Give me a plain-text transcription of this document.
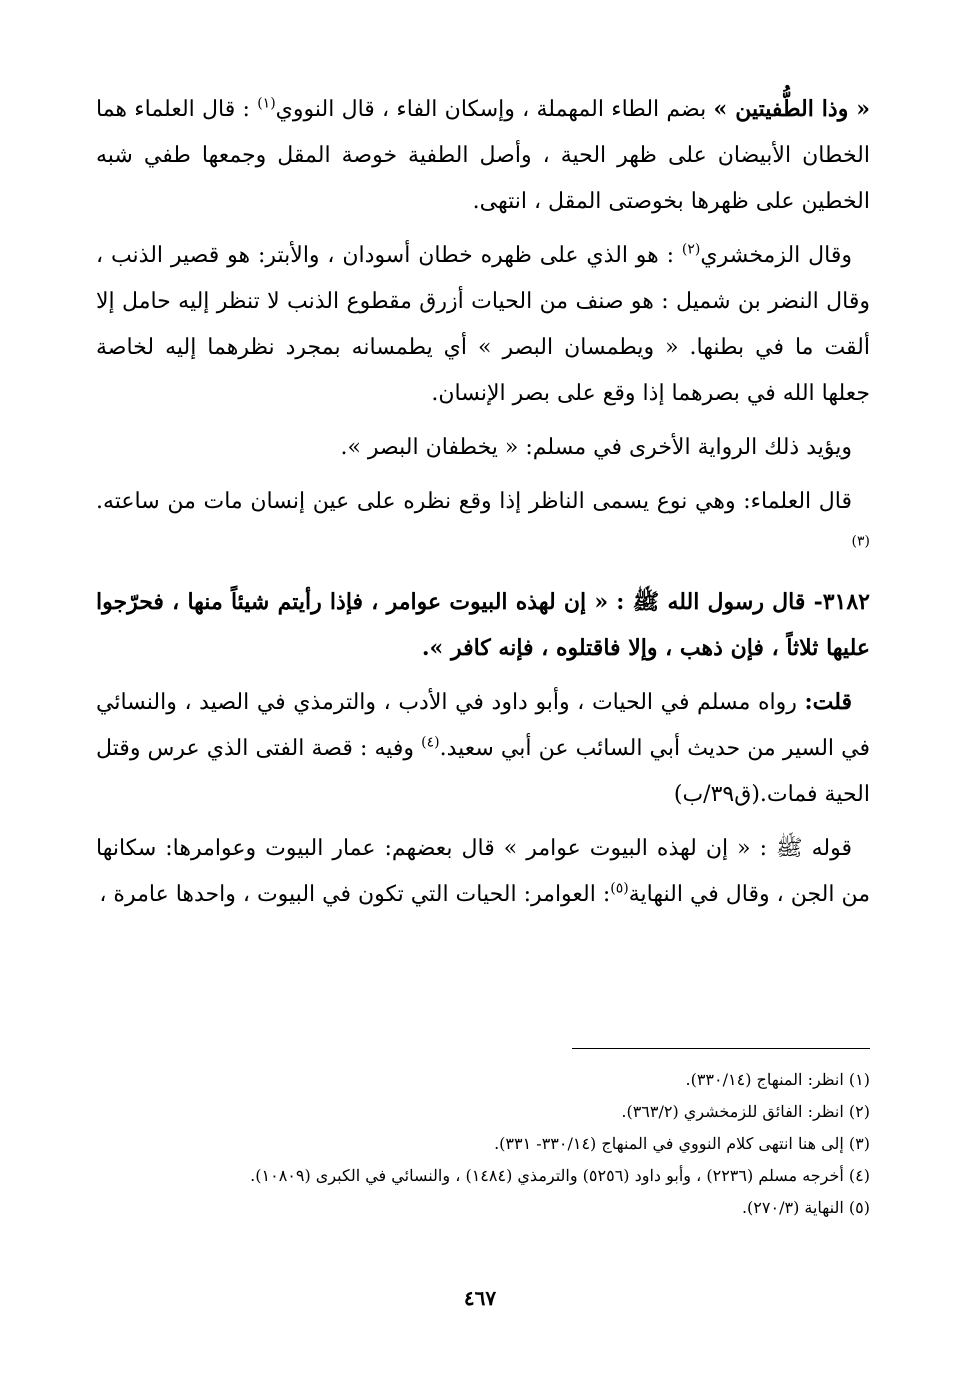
« وذا الطُّفيتين » بضم الطاء المهملة ، وإسكان الفاء ، قال النووي$^{(١)}$ : قال العلماء هما الخطان الأبيضان على ظهر الحية ، وأصل الطفية خوصة المقل وجمعها طفي شبه الخطين على ظهرها بخوصتى المقل ، انتهى.

وقال الزمخشري$^{(٢)}$ : هو الذي على ظهره خطان أسودان ، والأبتر: هو قصير الذنب ، وقال النضر بن شميل : هو صنف من الحيات أزرق مقطوع الذنب لا تنظر إليه حامل إلا ألقت ما في بطنها. « ويطمسان البصر » أي يطمسانه بمجرد نظرهما إليه لخاصة جعلها الله في بصرهما إذا وقع على بصر الإنسان.

ويؤيد ذلك الرواية الأخرى في مسلم: « يخطفان البصر ».

قال العلماء: وهي نوع يسمى الناظر إذا وقع نظره على عين إنسان مات من ساعته.$^{(٣)}$

٣١٨٢- قال رسول الله ﷺ : « إن لهذه البيوت عوامر ، فإذا رأيتم شيئاً منها ، فحرّجوا عليها ثلاثاً ، فإن ذهب ، وإلا فاقتلوه ، فإنه كافر ».

قلت: رواه مسلم في الحيات ، وأبو داود في الأدب ، والترمذي في الصيد ، والنسائي في السير من حديث أبي السائب عن أبي سعيد.$^{(٤)}$ وفيه : قصة الفتى الذي عرس وقتل الحية فمات.(ق٣٩/ب)

قوله ﷺ : « إن لهذه البيوت عوامر » قال بعضهم: عمار البيوت وعوامرها: سكانها من الجن ، وقال في النهاية$^{(٥)}$: العوامر: الحيات التي تكون في البيوت ، واحدها عامرة ،

(١) انظر: المنهاج (٣٣٠/١٤).
(٢) انظر: الفائق للزمخشري (٣٦٣/٢).
(٣) إلى هنا انتهى كلام النووي في المنهاج (٣٣٠/١٤- ٣٣١).
(٤) أخرجه مسلم (٢٢٣٦) ، وأبو داود (٥٢٥٦) والترمذي (١٤٨٤) ، والنسائي في الكبرى (١٠٨٠٩).
(٥) النهاية (٢٧٠/٣).
٤٦٧
